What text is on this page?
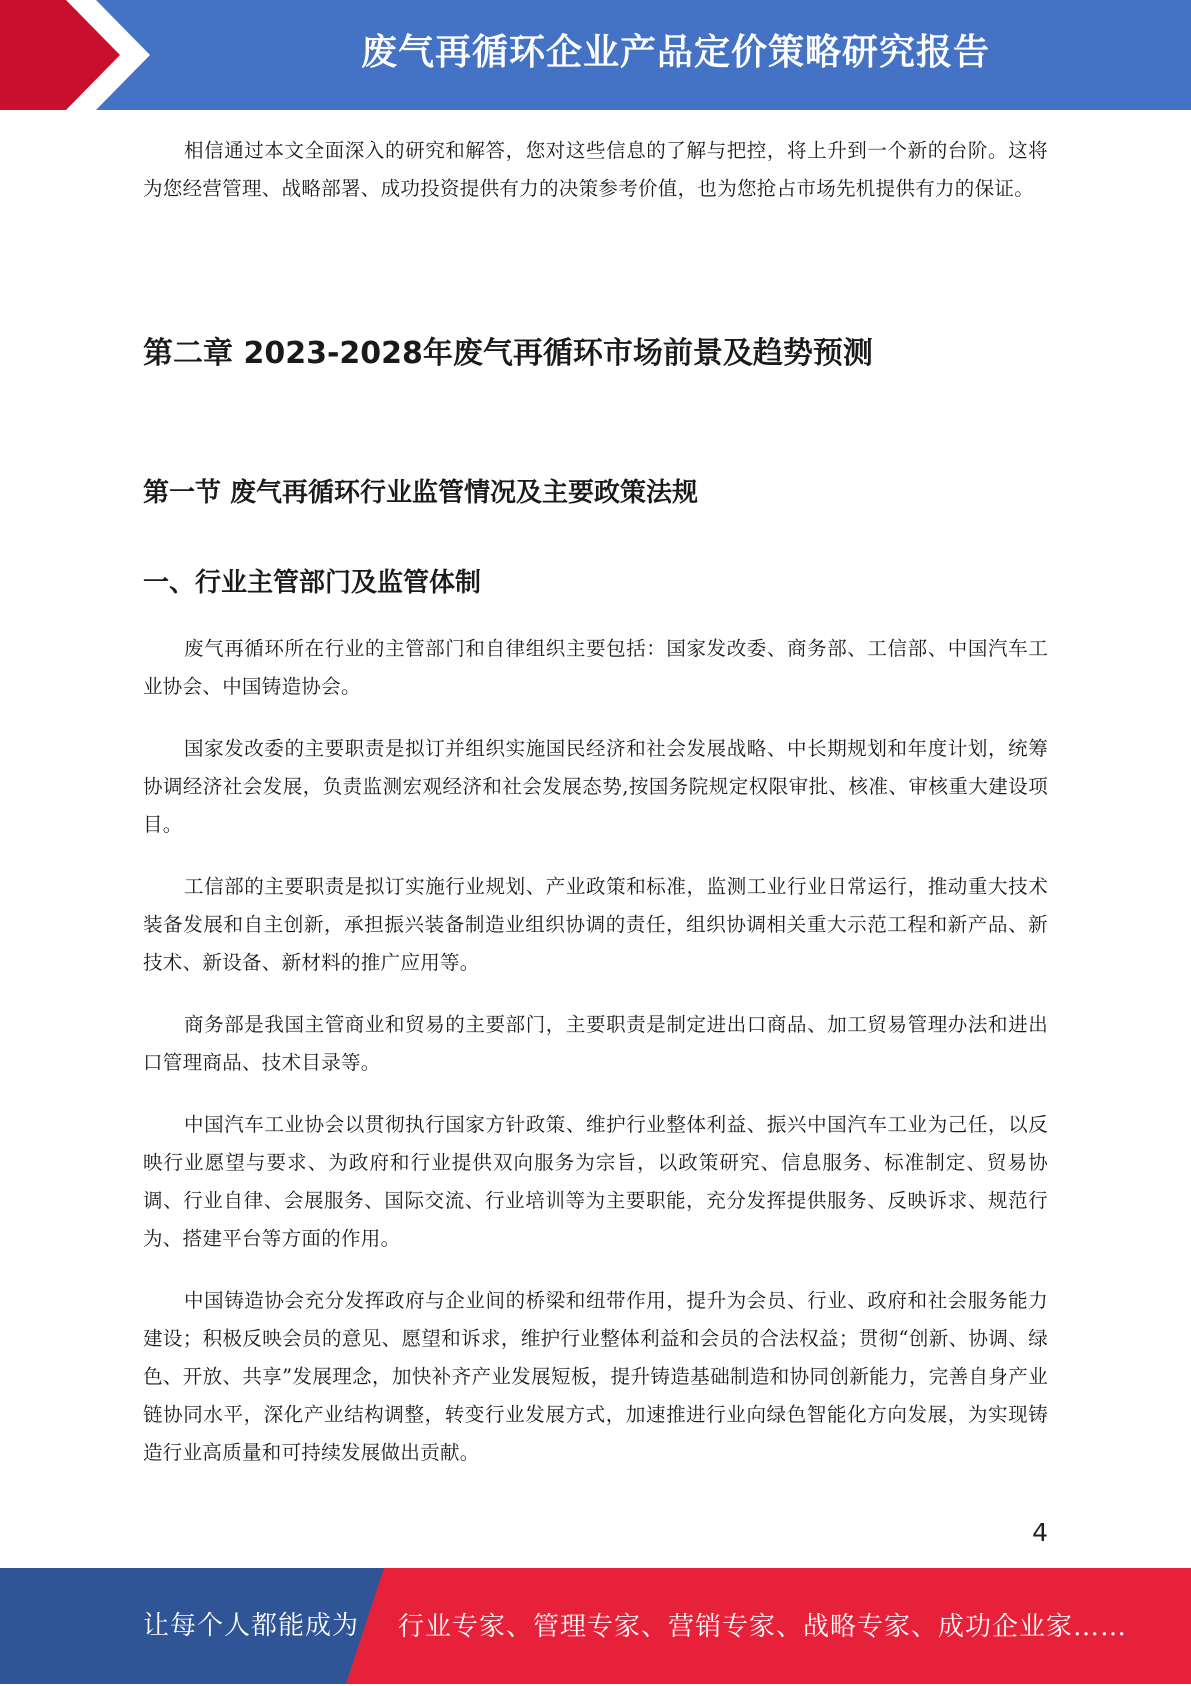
废气再循环企业产品定价策略研究报告

相信通过本文全面深入的研究和解答，您对这些信息的了解与把控，将上升到一个新的台阶。这将为您经营管理、战略部署、成功投资提供有力的决策参考价值，也为您抢占市场先机提供有力的保证。

第二章 2023-2028年废气再循环市场前景及趋势预测
第一节 废气再循环行业监管情况及主要政策法规
一、行业主管部门及监管体制

废气再循环所在行业的主管部门和自律组织主要包括：国家发改委、商务部、工信部、中国汽车工业协会、中国铸造协会。

国家发改委的主要职责是拟订并组织实施国民经济和社会发展战略、中长期规划和年度计划，统筹协调经济社会发展，负责监测宏观经济和社会发展态势,按国务院规定权限审批、核准、审核重大建设项目。

工信部的主要职责是拟订实施行业规划、产业政策和标准，监测工业行业日常运行，推动重大技术装备发展和自主创新，承担振兴装备制造业组织协调的责任，组织协调相关重大示范工程和新产品、新技术、新设备、新材料的推广应用等。

商务部是我国主管商业和贸易的主要部门，主要职责是制定进出口商品、加工贸易管理办法和进出口管理商品、技术目录等。

中国汽车工业协会以贯彻执行国家方针政策、维护行业整体利益、振兴中国汽车工业为己任，以反映行业愿望与要求、为政府和行业提供双向服务为宗旨，以政策研究、信息服务、标准制定、贸易协调、行业自律、会展服务、国际交流、行业培训等为主要职能，充分发挥提供服务、反映诉求、规范行为、搭建平台等方面的作用。

中国铸造协会充分发挥政府与企业间的桥梁和纽带作用，提升为会员、行业、政府和社会服务能力建设；积极反映会员的意见、愿望和诉求，维护行业整体利益和会员的合法权益；贯彻“创新、协调、绿色、开放、共享”发展理念，加快补齐产业发展短板，提升铸造基础制造和协同创新能力，完善自身产业链协同水平，深化产业结构调整，转变行业发展方式，加速推进行业向绿色智能化方向发展，为实现铸造行业高质量和可持续发展做出贡献。

4
让每个人都能成为 行业专家、管理专家、营销专家、战略专家、成功企业家……
